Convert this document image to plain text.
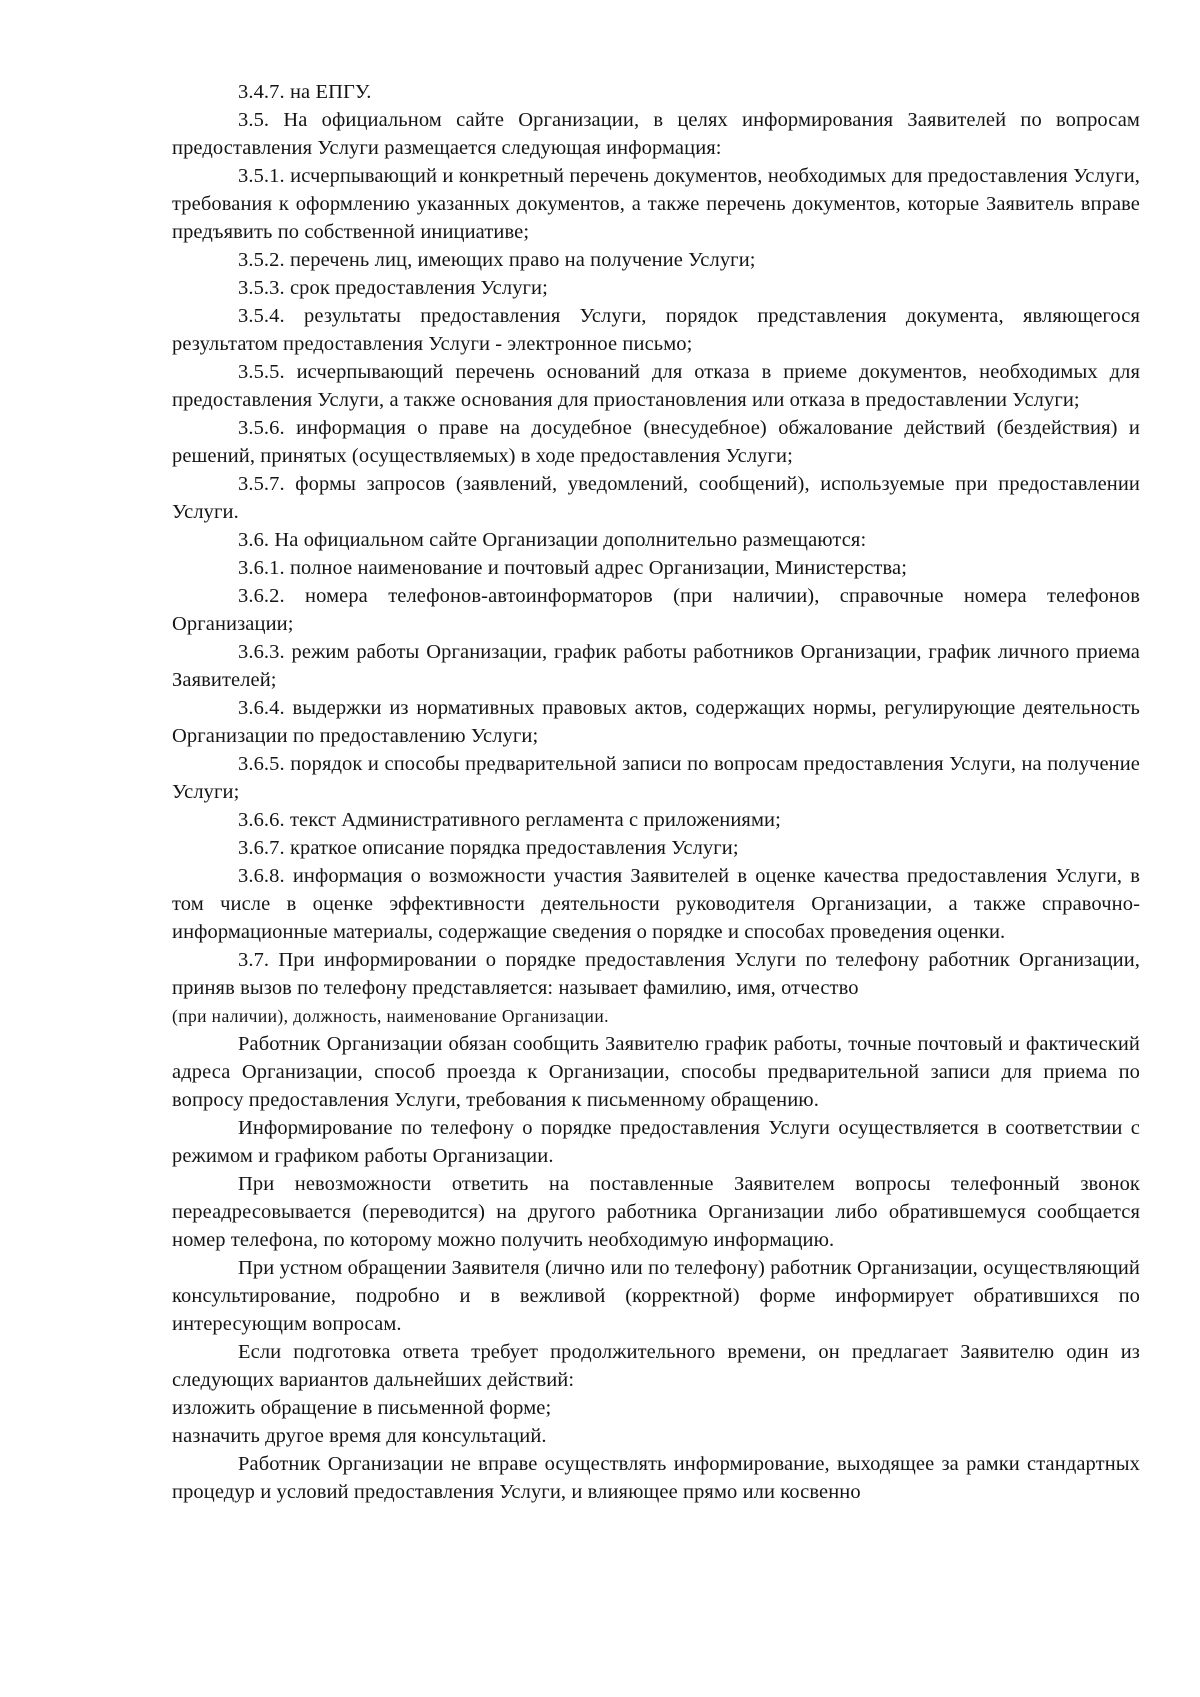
3.4.7. на ЕПГУ.

3.5. На официальном сайте Организации, в целях информирования Заявителей по вопросам предоставления Услуги размещается следующая информация:

3.5.1. исчерпывающий и конкретный перечень документов, необходимых для предоставления Услуги, требования к оформлению указанных документов, а также перечень документов, которые Заявитель вправе предъявить по собственной инициативе;

3.5.2. перечень лиц, имеющих право на получение Услуги;

3.5.3. срок предоставления Услуги;

3.5.4. результаты предоставления Услуги, порядок представления документа, являющегося результатом предоставления Услуги - электронное письмо;

3.5.5. исчерпывающий перечень оснований для отказа в приеме документов, необходимых для предоставления Услуги, а также основания для приостановления или отказа в предоставлении Услуги;

3.5.6. информация о праве на досудебное (внесудебное) обжалование действий (бездействия) и решений, принятых (осуществляемых) в ходе предоставления Услуги;

3.5.7. формы запросов (заявлений, уведомлений, сообщений), используемые при предоставлении Услуги.

3.6. На официальном сайте Организации дополнительно размещаются:

3.6.1. полное наименование и почтовый адрес Организации, Министерства;

3.6.2. номера телефонов-автоинформаторов (при наличии), справочные номера телефонов Организации;

3.6.3. режим работы Организации, график работы работников Организации, график личного приема Заявителей;

3.6.4. выдержки из нормативных правовых актов, содержащих нормы, регулирующие деятельность Организации по предоставлению Услуги;

3.6.5. порядок и способы предварительной записи по вопросам предоставления Услуги, на получение Услуги;

3.6.6. текст Административного регламента с приложениями;

3.6.7. краткое описание порядка предоставления Услуги;

3.6.8. информация о возможности участия Заявителей в оценке качества предоставления Услуги, в том числе в оценке эффективности деятельности руководителя Организации, а также справочно-информационные материалы, содержащие сведения о порядке и способах проведения оценки.

3.7. При информировании о порядке предоставления Услуги по телефону работник Организации, приняв вызов по телефону представляется: называет фамилию, имя, отчество

(при наличии), должность, наименование Организации.

Работник Организации обязан сообщить Заявителю график работы, точные почтовый и фактический адреса Организации, способ проезда к Организации, способы предварительной записи для приема по вопросу предоставления Услуги, требования к письменному обращению.

Информирование по телефону о порядке предоставления Услуги осуществляется в соответствии с режимом и графиком работы Организации.

При невозможности ответить на поставленные Заявителем вопросы телефонный звонок переадресовывается (переводится) на другого работника Организации либо обратившемуся сообщается номер телефона, по которому можно получить необходимую информацию.

При устном обращении Заявителя (лично или по телефону) работник Организации, осуществляющий консультирование, подробно и в вежливой (корректной) форме информирует обратившихся по интересующим вопросам.

Если подготовка ответа требует продолжительного времени, он предлагает Заявителю один из следующих вариантов дальнейших действий:

изложить обращение в письменной форме;

назначить другое время для консультаций.

Работник Организации не вправе осуществлять информирование, выходящее за рамки стандартных процедур и условий предоставления Услуги, и влияющее прямо или косвенно
